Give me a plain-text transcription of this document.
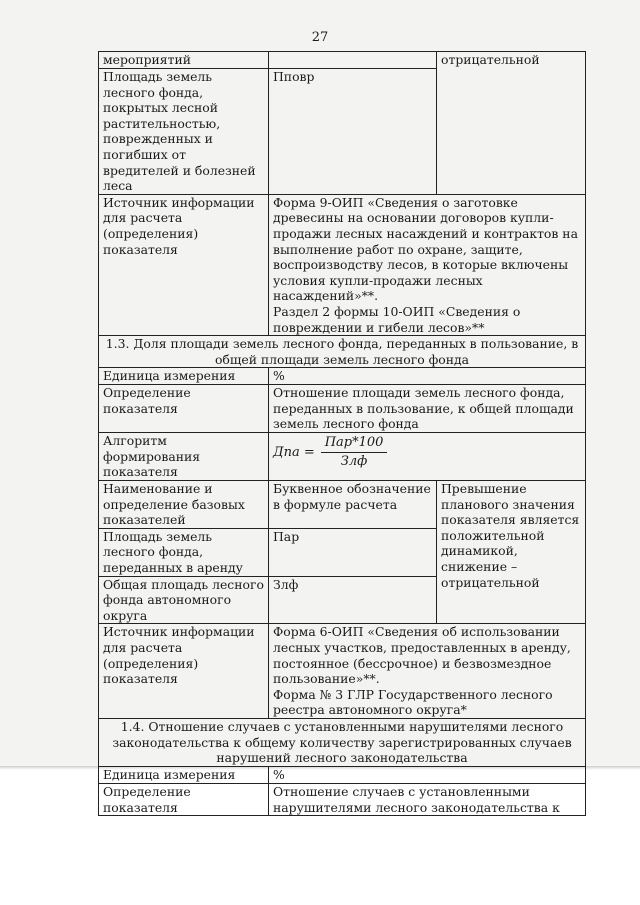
27
мероприятий		отрицательной
Площадь земель лесного фонда, покрытых лесной растительностью, поврежденных и погибших от вредителей и болезней леса	Пповр	
Источник информации для расчета (определения) показателя	Форма 9-ОИП «Сведения о заготовке древесины на основании договоров купли-продажи лесных насаждений и контрактов на выполнение работ по охране, защите, воспроизводству лесов, в которые включены условия купли-продажи лесных насаждений»**.
Раздел 2 формы 10-ОИП «Сведения о повреждении и гибели лесов»**	

1.3. Доля площади земель лесного фонда, переданных в пользование, в общей площади земель лесного фонда		
Единица измерения	%	
Определение показателя	Отношение площади земель лесного фонда, переданных в пользование, к общей площади земель лесного фонда	
Алгоритм формирования показателя	Дпа = $\frac{\text{Пар*100}}{\text{Злф}}$

Наименование и определение базовых показателей	Буквенное обозначение в формуле расчета	Превышение планового значения показателя является положительной динамикой, снижение – отрицательной
Площадь земель лесного фонда, переданных в аренду	Пар	
Общая площадь лесного фонда автономного округа	Злф	
Источник информации для расчета (определения) показателя	Форма 6-ОИП «Сведения об использовании лесных участков, предоставленных в аренду, постоянное (бессрочное) и безвозмездное пользование»**.
Форма № 3 ГЛР Государственного лесного реестра автономного округа*	

1.4. Отношение случаев с установленными нарушителями лесного законодательства к общему количеству зарегистрированных случаев нарушений лесного законодательства		
Единица измерения	%	
Определение показателя	Отношение случаев с установленными нарушителями лесного законодательства к	
